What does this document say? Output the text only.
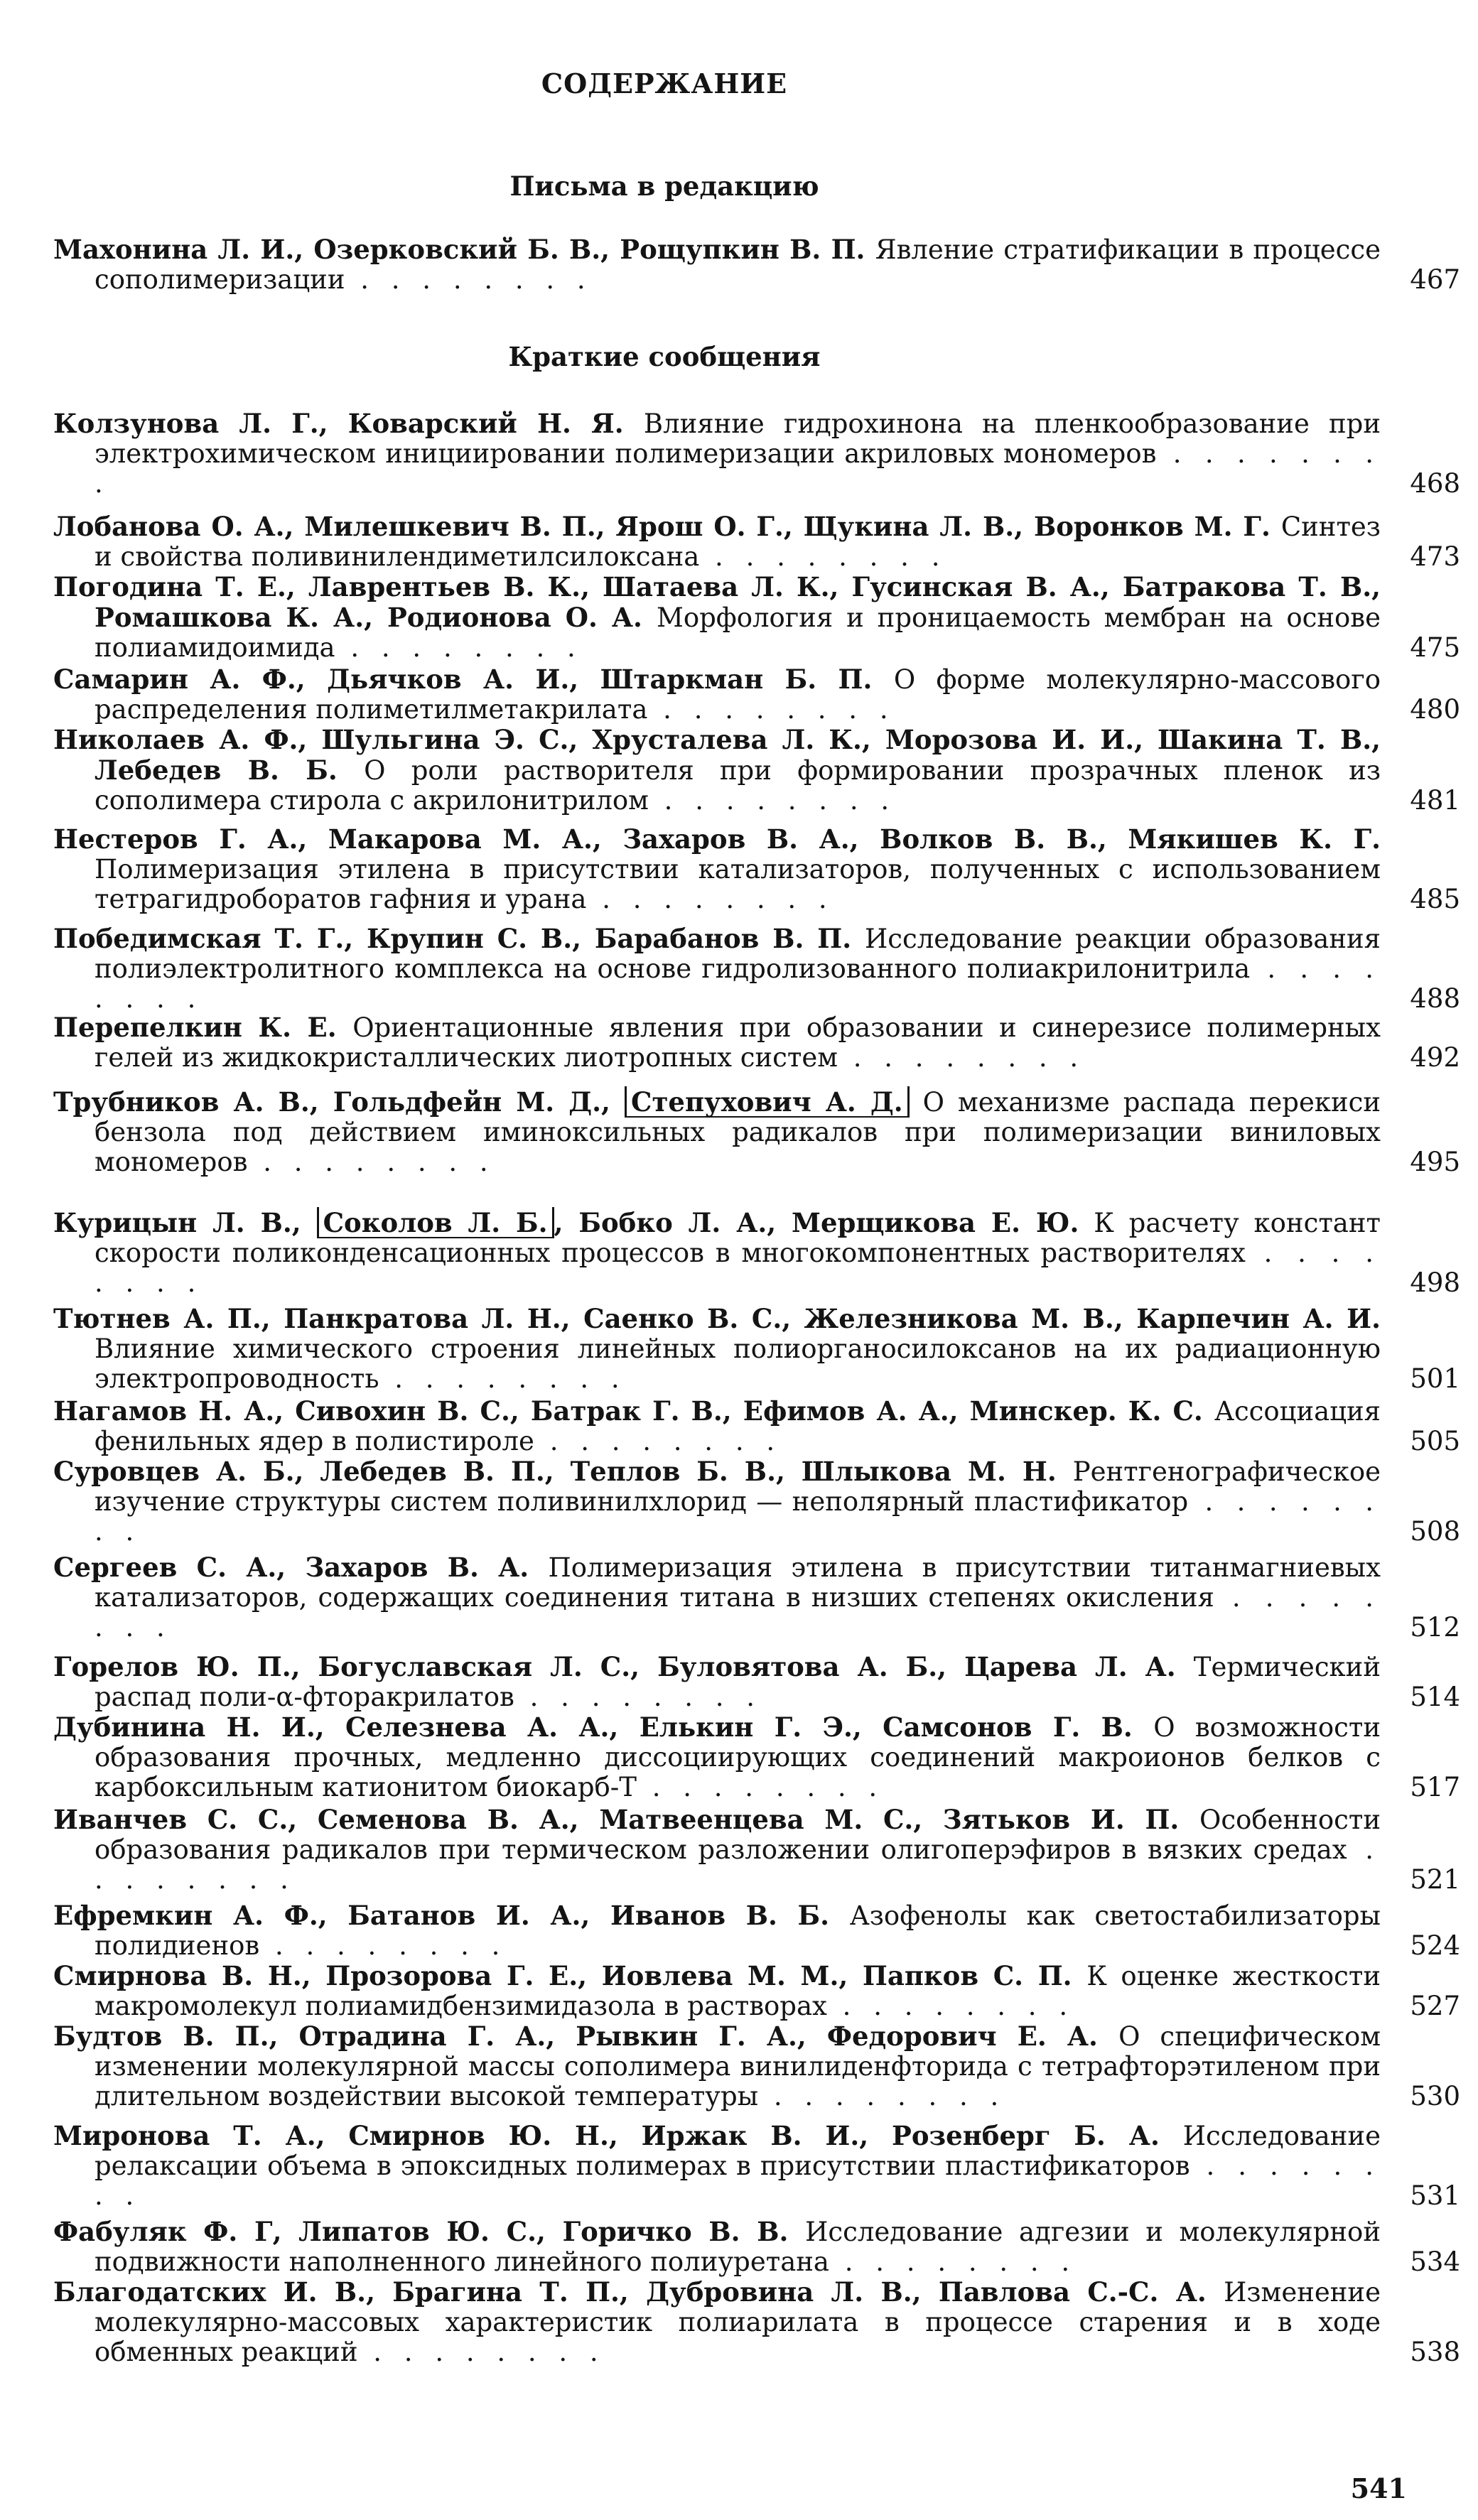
СОДЕРЖАНИЕ
Письма в редакцию
Краткие сообщения
Махонина Л. И., Озерковский Б. В., Рощупкин В. П. Явление стратификации в процессе сополимеризации . . . . . . . .	467
Колзунова Л. Г., Коварский Н. Я. Влияние гидрохинона на пленкообразование при электрохимическом инициировании полимеризации акриловых мономеров . . . . . . . .	468
Лобанова О. А., Милешкевич В. П., Ярош О. Г., Щукина Л. В., Воронков М. Г. Синтез и свойства поливинилендиметилсилоксана . . . . . . . .	473
Погодина Т. Е., Лаврентьев В. К., Шатаева Л. К., Гусинская В. А., Батракова Т. В., Ромашкова К. А., Родионова О. А. Морфология и проницаемость мембран на основе полиамидоимида . . . . . . . .	475
Самарин А. Ф., Дьячков А. И., Штаркман Б. П. О форме молекулярно-массового распределения полиметилметакрилата . . . . . . . .	480
Николаев А. Ф., Шульгина Э. С., Хрусталева Л. К., Морозова И. И., Шакина Т. В., Лебедев В. Б. О роли растворителя при формировании прозрачных пленок из сополимера стирола с акрилонитрилом . . . . . . . .	481
Нестеров Г. А., Макарова М. А., Захаров В. А., Волков В. В., Мякишев К. Г. Полимеризация этилена в присутствии катализаторов, полученных с использованием тетрагидроборатов гафния и урана . . . . . . . .	485
Победимская Т. Г., Крупин С. В., Барабанов В. П. Исследование реакции образования полиэлектролитного комплекса на основе гидролизованного полиакрилонитрила . . . . . . . .	488
Перепелкин К. Е. Ориентационные явления при образовании и синерезисе полимерных гелей из жидкокристаллических лиотропных систем . . . . . . . .	492
Трубников А. В., Гольдфейн М. Д., Степухович А. Д. О механизме распада перекиси бензола под действием иминоксильных радикалов при полимеризации виниловых мономеров . . . . . . . .	495
Курицын Л. В., Соколов Л. Б. , Бобко Л. А., Мерщикова Е. Ю. К расчету констант скорости поликонденсационных процессов в многокомпонентных растворителях . . . . . . . .	498
Тютнев А. П., Панкратова Л. Н., Саенко В. С., Железникова М. В., Карпечин А. И. Влияние химического строения линейных полиорганосилоксанов на их радиационную электропроводность . . . . . . . .	501
Нагамов Н. А., Сивохин В. С., Батрак Г. В., Ефимов А. А., Минскер. К. С. Ассоциация фенильных ядер в полистироле . . . . . . . .	505
Суровцев А. Б., Лебедев В. П., Теплов Б. В., Шлыкова М. Н. Рентгенографическое изучение структуры систем поливинилхлорид — неполярный пластификатор . . . . . . . .	508
Сергеев С. А., Захаров В. А. Полимеризация этилена в присутствии титанмагниевых катализаторов, содержащих соединения титана в низших степенях окисления . . . . . . . .	512
Горелов Ю. П., Богуславская Л. С., Буловятова А. Б., Царева Л. А. Термический распад поли-α-фторакрилатов . . . . . . . .	514
Дубинина Н. И., Селезнева А. А., Елькин Г. Э., Самсонов Г. В. О возможности образования прочных, медленно диссоциирующих соединений макроионов белков с карбоксильным катионитом биокарб-Т . . . . . . . .	517
Иванчев С. С., Семенова В. А., Матвеенцева М. С., Зятьков И. П. Особенности образования радикалов при термическом разложении олигоперэфиров в вязких средах . . . . . . . .	521
Ефремкин А. Ф., Батанов И. А., Иванов В. Б. Азофенолы как светостабилизаторы полидиенов . . . . . . . .	524
Смирнова В. Н., Прозорова Г. Е., Иовлева М. М., Папков С. П. К оценке жесткости макромолекул полиамидбензимидазола в растворах . . . . . . . .	527
Будтов В. П., Отрадина Г. А., Рывкин Г. А., Федорович Е. А. О специфическом изменении молекулярной массы сополимера винилиденфторида с тетрафторэтиленом при длительном воздействии высокой температуры . . . . . . . .	530
Миронова Т. А., Смирнов Ю. Н., Иржак В. И., Розенберг Б. А. Исследование релаксации объема в эпоксидных полимерах в присутствии пластификаторов . . . . . . . .	531
Фабуляк Ф. Г, Липатов Ю. С., Горичко В. В. Исследование адгезии и молекулярной подвижности наполненного линейного полиуретана . . . . . . . .	534
Благодатских И. В., Брагина Т. П., Дубровина Л. В., Павлова С.-С. А. Изменение молекулярно-массовых характеристик полиарилата в процессе старения и в ходе обменных реакций . . . . . . . .	538
541
